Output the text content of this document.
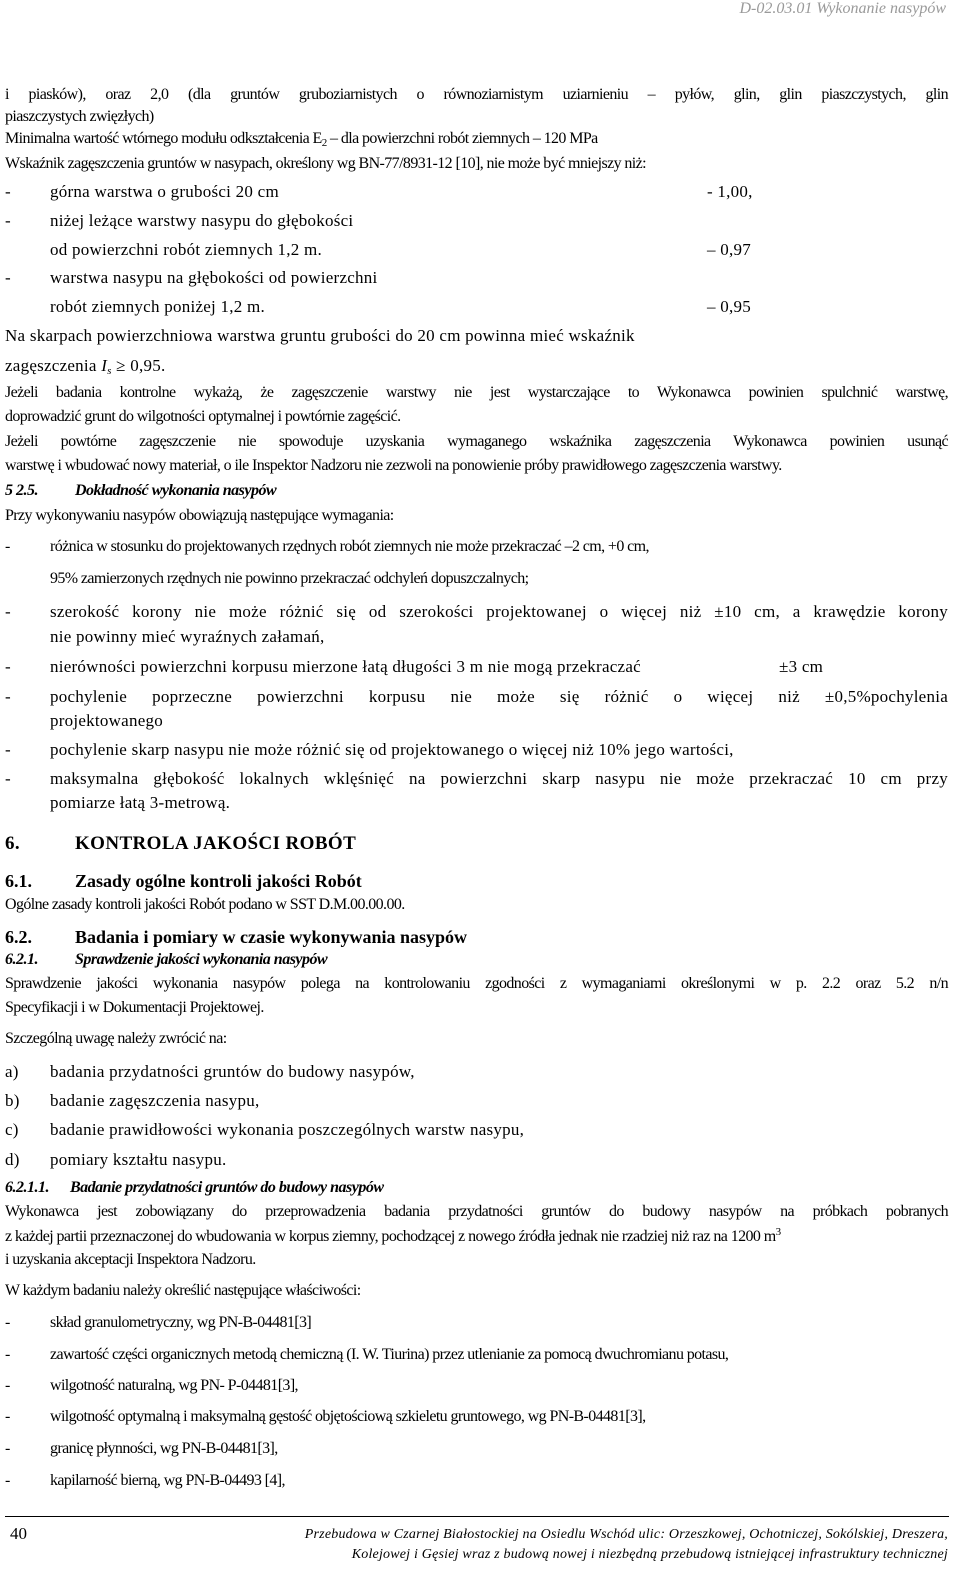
D-02.03.01 Wykonanie nasypów
i piasków), oraz 2,0 (dla gruntów gruboziarnistych o równoziarnistym uziarnieniu – pyłów, glin, glin piaszczystych, glin
piaszczystych zwięzłych)
Minimalna wartość wtórnego modułu odkształcenia $E_2$ – dla powierzchni robót ziemnych – 120 MPa
Wskaźnik zagęszczenia gruntów w nasypach, określony wg BN-77/8931-12 [10], nie może być mniejszy niż:
- górna warstwa o grubości 20 cm	- 1,00,
- niżej leżące warstwy nasypu do głębokości
od powierzchni robót ziemnych 1,2 m.	– 0,97
- warstwa nasypu na głębokości od powierzchni
robót ziemnych poniżej 1,2 m.	– 0,95
Na skarpach powierzchniowa warstwa gruntu grubości do 20 cm powinna mieć wskaźnik
zagęszczenia $I_s \ge 0,95$.
Jeżeli badania kontrolne wykażą, że zagęszczenie warstwy nie jest wystarczające to Wykonawca powinien spulchnić warstwę,
doprowadzić grunt do wilgotności optymalnej i powtórnie zagęścić.
Jeżeli powtórne zagęszczenie nie spowoduje uzyskania wymaganego wskaźnika zagęszczenia Wykonawca powinien usunąć
warstwę i wbudować nowy materiał, o ile Inspektor Nadzoru nie zezwoli na ponowienie próby prawidłowego zagęszczenia warstwy.
5 2.5. Dokładność wykonania nasypów
Przy wykonywaniu nasypów obowiązują następujące wymagania:
-	różnica w stosunku do projektowanych rzędnych robót ziemnych nie może przekraczać –2 cm, +0 cm,
95% zamierzonych rzędnych nie powinno przekraczać odchyleń dopuszczalnych;
- szerokość korony nie może różnić się od szerokości projektowanej o więcej niż ±10 cm, a krawędzie korony
nie powinny mieć wyraźnych załamań,
- nierówności powierzchni korpusu mierzone łatą długości 3 m nie mogą przekraczać	±3 cm
- pochylenie poprzeczne powierzchni korpusu nie może się różnić o więcej niż ±0,5%pochylenia
projektowanego
- pochylenie skarp nasypu nie może różnić się od projektowanego o więcej niż 10% jego wartości,
- maksymalna głębokość lokalnych wklęśnięć na powierzchni skarp nasypu nie może przekraczać 10 cm przy
pomiarze łatą 3-metrową.
6.	KONTROLA JAKOŚCI ROBÓT
6.1. Zasady ogólne kontroli jakości Robót
Ogólne zasady kontroli jakości Robót podano w SST D.M.00.00.00.
6.2. Badania i pomiary w czasie wykonywania nasypów
6.2.1. Sprawdzenie jakości wykonania nasypów
Sprawdzenie jakości wykonania nasypów polega na kontrolowaniu zgodności z wymaganiami określonymi w p. 2.2 oraz 5.2 n/n
Specyfikacji i w Dokumentacji Projektowej.
Szczególną uwagę należy zwrócić na:
a) badania przydatności gruntów do budowy nasypów,
b) badanie zagęszczenia nasypu,
c) badanie prawidłowości wykonania poszczególnych warstw nasypu,
d) pomiary kształtu nasypu.
6.2.1.1. Badanie przydatności gruntów do budowy nasypów
Wykonawca jest zobowiązany do przeprowadzenia badania przydatności gruntów do budowy nasypów na próbkach pobranych
z każdej partii przeznaczonej do wbudowania w korpus ziemny, pochodzącej z nowego źródła jednak nie rzadziej niż raz na 1200 $m^3$
i uzyskania akceptacji Inspektora Nadzoru.
W każdym badaniu należy określić następujące właściwości:
-	skład granulometryczny, wg PN-B-04481[3]
-	zawartość części organicznych metodą chemiczną (I. W. Tiurina) przez utlenianie za pomocą dwuchromianu potasu,
-	wilgotność naturalną, wg PN- P-04481[3],
-	wilgotność optymalną i maksymalną gęstość objętościową szkieletu gruntowego, wg PN-B-04481[3],
-	granicę płynności, wg PN-B-04481[3],
-	kapilarność bierną, wg PN-B-04493 [4],
40	Przebudowa w Czarnej Białostockiej na Osiedlu Wschód ulic: Orzeszkowej, Ochotniczej, Sokólskiej, Dreszera,
Kolejowej i Gęsiej wraz z budową nowej i niezbędną przebudową istniejącej infrastruktury technicznej
